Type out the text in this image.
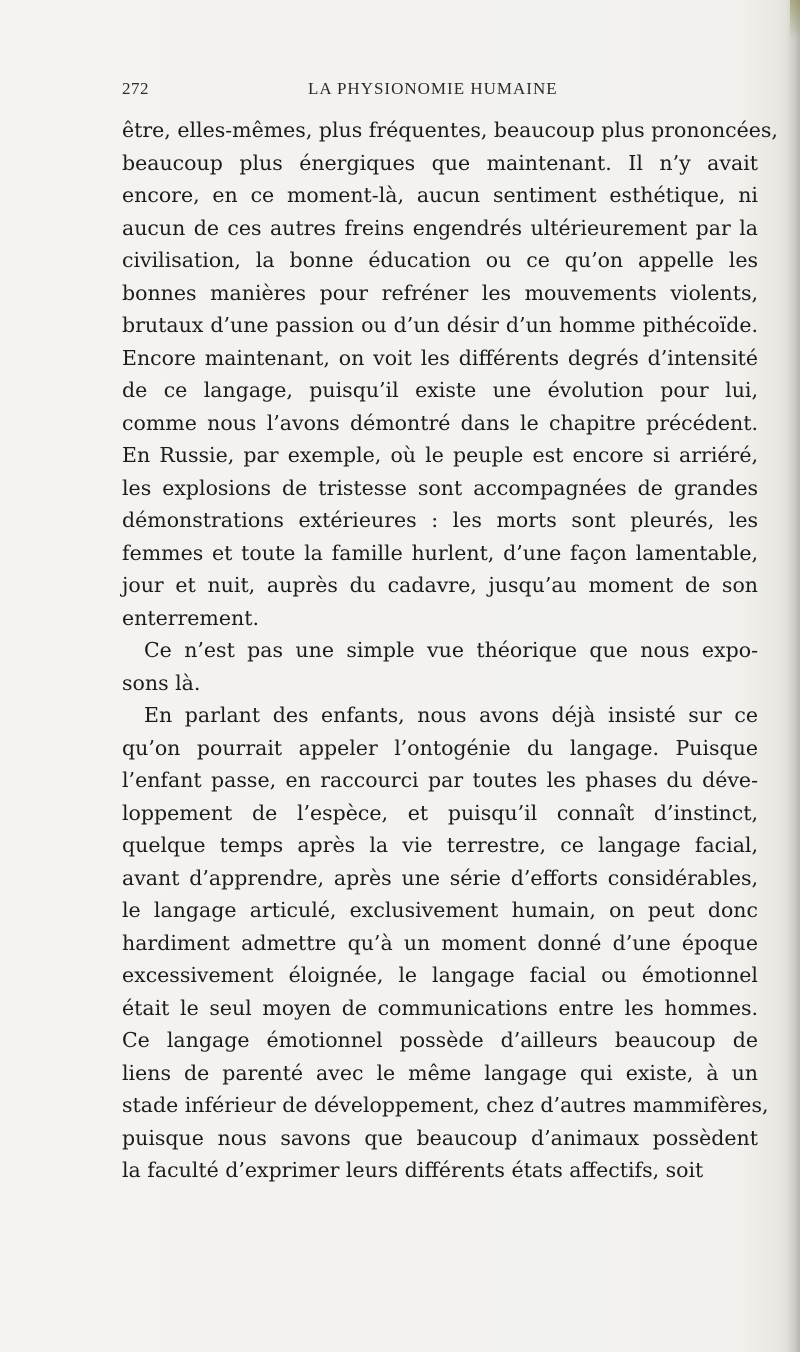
272	LA PHYSIONOMIE HUMAINE
être, elles-mêmes, plus fréquentes, beaucoup plus prononcées,
beaucoup plus énergiques que maintenant. Il n’y avait
encore, en ce moment-là, aucun sentiment esthétique, ni
aucun de ces autres freins engendrés ultérieurement par la
civilisation, la bonne éducation ou ce qu’on appelle les
bonnes manières pour refréner les mouvements violents,
brutaux d’une passion ou d’un désir d’un homme pithécoïde.
Encore maintenant, on voit les différents degrés d’intensité
de ce langage, puisqu’il existe une évolution pour lui,
comme nous l’avons démontré dans le chapitre précédent.
En Russie, par exemple, où le peuple est encore si arriéré,
les explosions de tristesse sont accompagnées de grandes
démonstrations extérieures : les morts sont pleurés, les
femmes et toute la famille hurlent, d’une façon lamentable,
jour et nuit, auprès du cadavre, jusqu’au moment de son
enterrement.
Ce n’est pas une simple vue théorique que nous expo-
sons là.
En parlant des enfants, nous avons déjà insisté sur ce
qu’on pourrait appeler l’ontogénie du langage. Puisque
l’enfant passe, en raccourci par toutes les phases du déve-
loppement de l’espèce, et puisqu’il connaît d’instinct,
quelque temps après la vie terrestre, ce langage facial,
avant d’apprendre, après une série d’efforts considérables,
le langage articulé, exclusivement humain, on peut donc
hardiment admettre qu’à un moment donné d’une époque
excessivement éloignée, le langage facial ou émotionnel
était le seul moyen de communications entre les hommes.
Ce langage émotionnel possède d’ailleurs beaucoup de
liens de parenté avec le même langage qui existe, à un
stade inférieur de développement, chez d’autres mammifères,
puisque nous savons que beaucoup d’animaux possèdent
la faculté d’exprimer leurs différents états affectifs, soit
